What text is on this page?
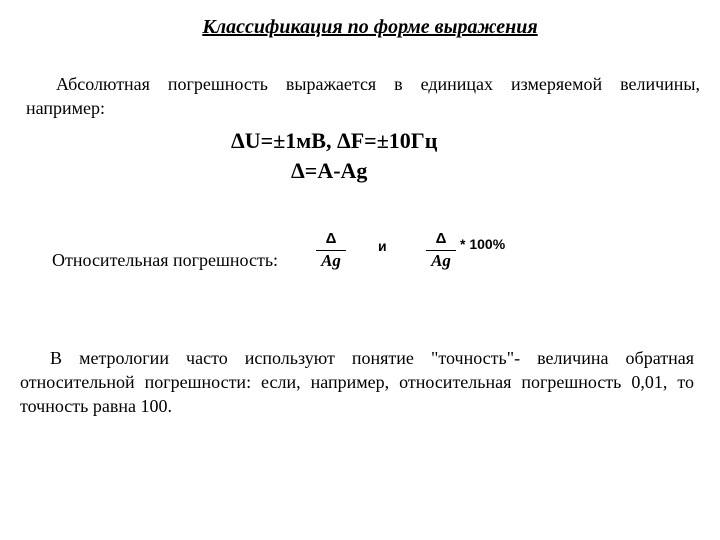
Классификация по форме выражения
Абсолютная погрешность выражается в единицах измеряемой величины, например:
ΔU=±1мВ, ΔF=±10Гц
Δ=A-Ag
Относительная погрешность:
Δ
Ag
и	Δ
Ag
* 100%
В метрологии часто используют понятие "точность"- величина обратная относительной погрешности: если, например, относительная погрешность 0,01, то точность равна 100.
